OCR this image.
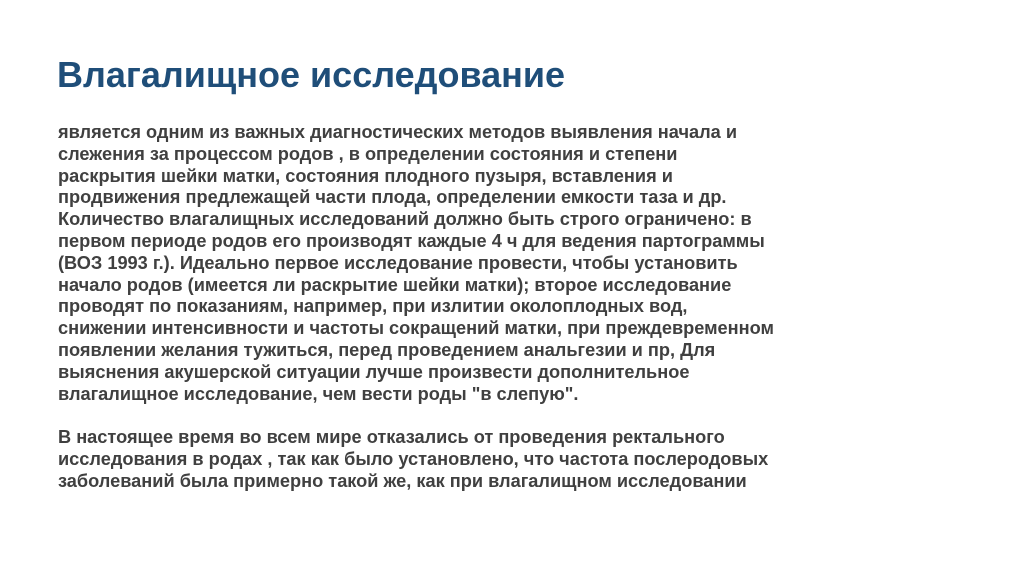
Влагалищное исследование

является одним из важных диагностических методов выявления начала и
слежения за процессом родов , в определении состояния и степени
раскрытия шейки матки, состояния плодного пузыря, вставления и
продвижения предлежащей части плода, определении емкости таза и др.
Количество влагалищных исследований должно быть строго ограничено: в
первом периоде родов его производят каждые 4 ч для ведения партограммы
(ВОЗ 1993 г.). Идеально первое исследование провести, чтобы установить
начало родов (имеется ли раскрытие шейки матки); второе исследование
проводят по показаниям, например, при излитии околоплодных вод,
снижении интенсивности и частоты сокращений матки, при преждевременном
появлении желания тужиться, перед проведением анальгезии и пр, Для
выяснения акушерской ситуации лучше произвести дополнительное
влагалищное исследование, чем вести роды "в слепую".

В настоящее время во всем мире отказались от проведения ректального
исследования в родах , так как было установлено, что частота послеродовых
заболеваний была примерно такой же, как при влагалищном исследовании
